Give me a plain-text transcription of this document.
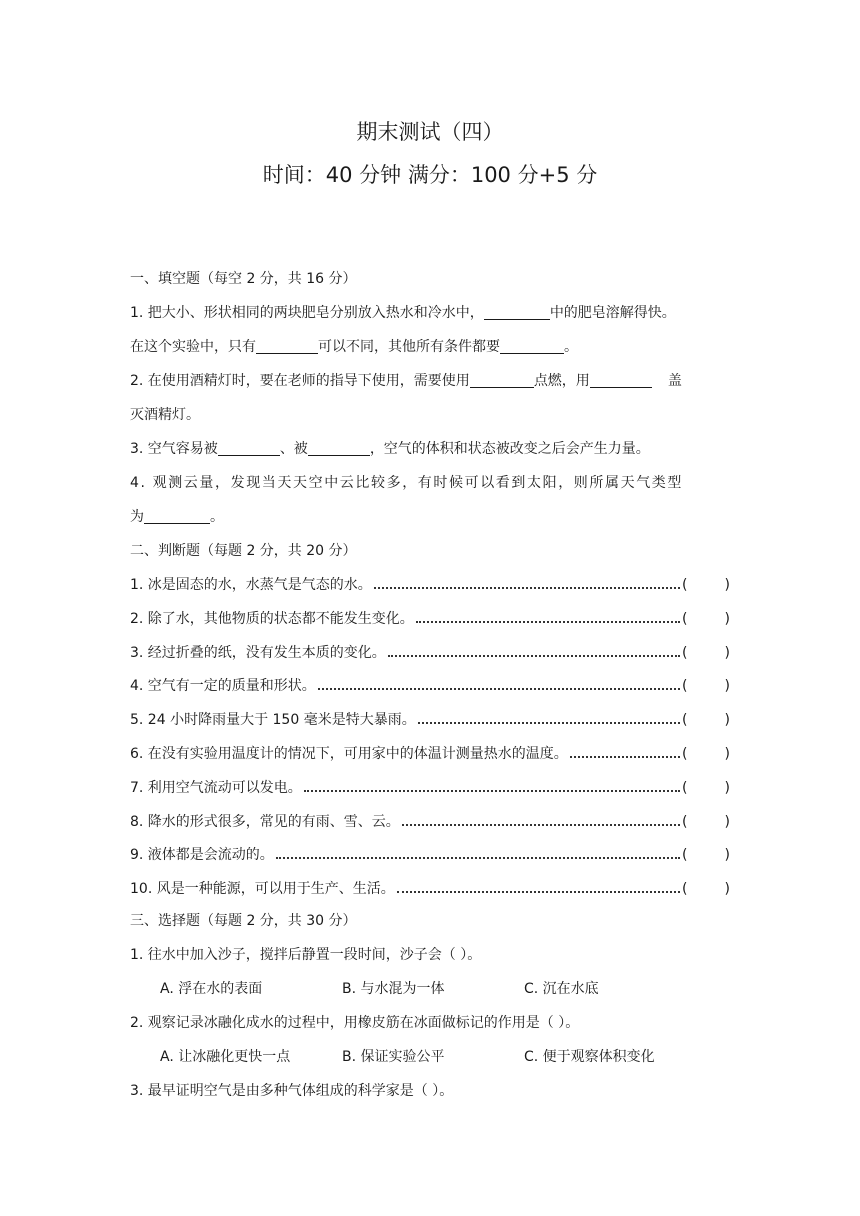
期末测试（四）
时间：40 分钟 满分：100 分+5 分
一、填空题（每空 2 分，共 16 分）
1. 把大小、形状相同的两块肥皂分别放入热水和冷水中，	中的肥皂溶解得快。
在这个实验中，只有	可以不同，其他所有条件都要	。
2. 在使用酒精灯时，要在老师的指导下使用，需要使用	点燃，用	盖
灭酒精灯。
3. 空气容易被	、被	，空气的体积和状态被改变之后会产生力量。
4. 观测云量，发现当天天空中云比较多，有时候可以看到太阳，则所属天气类型
为	。
二、判断题（每题 2 分，共 20 分）
1. 冰是固态的水，水蒸气是气态的水。	(	)
2. 除了水，其他物质的状态都不能发生变化。	(	)
3. 经过折叠的纸，没有发生本质的变化。	(	)
4. 空气有一定的质量和形状。	(	)
5. 24 小时降雨量大于 150 毫米是特大暴雨。	(	)
6. 在没有实验用温度计的情况下，可用家中的体温计测量热水的温度。	(	)
7. 利用空气流动可以发电。	(	)
8. 降水的形式很多，常见的有雨、雪、云。	(	)
9. 液体都是会流动的。	(	)
10. 风是一种能源，可以用于生产、生活。	(	)
三、选择题（每题 2 分，共 30 分）
1. 往水中加入沙子，搅拌后静置一段时间，沙子会（ ）。
A. 浮在水的表面	B. 与水混为一体	C. 沉在水底
2. 观察记录冰融化成水的过程中，用橡皮筋在冰面做标记的作用是（ ）。
A. 让冰融化更快一点	B. 保证实验公平	C. 便于观察体积变化
3. 最早证明空气是由多种气体组成的科学家是（ ）。
